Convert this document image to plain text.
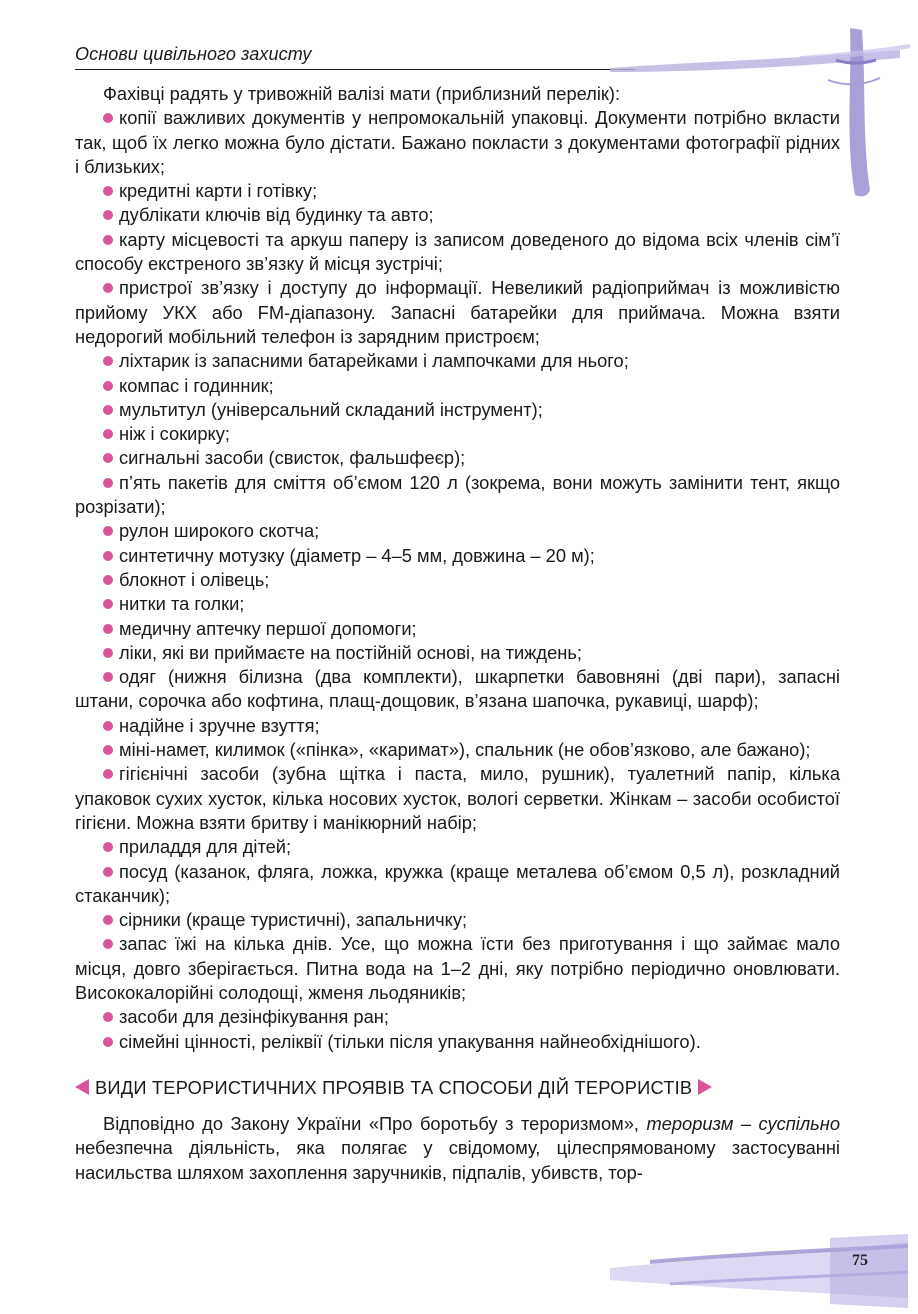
Основи цивільного захисту

Фахівці радять у тривожній валізі мати (приблизний перелік):

копії важливих документів у непромокальній упаковці. Документи потрібно вкласти так, щоб їх легко можна було дістати. Бажано покласти з документами фотографії рідних і близьких;

кредитні карти і готівку;

дублікати ключів від будинку та авто;

карту місцевості та аркуш паперу із записом доведеного до відома всіх членів сім’ї способу екстреного зв’язку й місця зустрічі;

пристрої зв’язку і доступу до інформації. Невеликий радіоприймач із можливістю прийому УКХ або FM-діапазону. Запасні батарейки для приймача. Можна взяти недорогий мобільний телефон із зарядним пристроєм;

ліхтарик із запасними батарейками і лампочками для нього;

компас і годинник;

мультитул (універсальний складаний інструмент);

ніж і сокирку;

сигнальні засоби (свисток, фальшфеєр);

п’ять пакетів для сміття об’ємом 120 л (зокрема, вони можуть замінити тент, якщо розрізати);

рулон широкого скотча;

синтетичну мотузку (діаметр – 4–5 мм, довжина – 20 м);

блокнот і олівець;

нитки та голки;

медичну аптечку першої допомоги;

ліки, які ви приймаєте на постійній основі, на тиждень;

одяг (нижня білизна (два комплекти), шкарпетки бавовняні (дві пари), запасні штани, сорочка або кофтина, плащ-дощовик, в’язана шапочка, рукавиці, шарф);

надійне і зручне взуття;

міні-намет, килимок («пінка», «каримат»), спальник (не обов’язково, але бажано);

гігієнічні засоби (зубна щітка і паста, мило, рушник), туалетний папір, кілька упаковок сухих хусток, кілька носових хусток, вологі серветки. Жінкам – засоби особистої гігієни. Можна взяти бритву і манікюрний набір;

приладдя для дітей;

посуд (казанок, фляга, ложка, кружка (краще металева об’ємом 0,5 л), розкладний стаканчик);

сірники (краще туристичні), запальничку;

запас їжі на кілька днів. Усе, що можна їсти без приготування і що займає мало місця, довго зберігається. Питна вода на 1–2 дні, яку потрібно періодично оновлювати. Висококалорійні солодощі, жменя льодяників;

засоби для дезінфікування ран;

сімейні цінності, реліквії (тільки після упакування найнеобхіднішого).

ВИДИ ТЕРОРИСТИЧНИХ ПРОЯВІВ ТА СПОСОБИ ДІЙ ТЕРОРИСТІВ

Відповідно до Закону України «Про боротьбу з тероризмом», тероризм – суспільно небезпечна діяльність, яка полягає у свідомому, цілеспрямованому застосуванні насильства шляхом захоплення заручників, підпалів, убивств, тор-

75
